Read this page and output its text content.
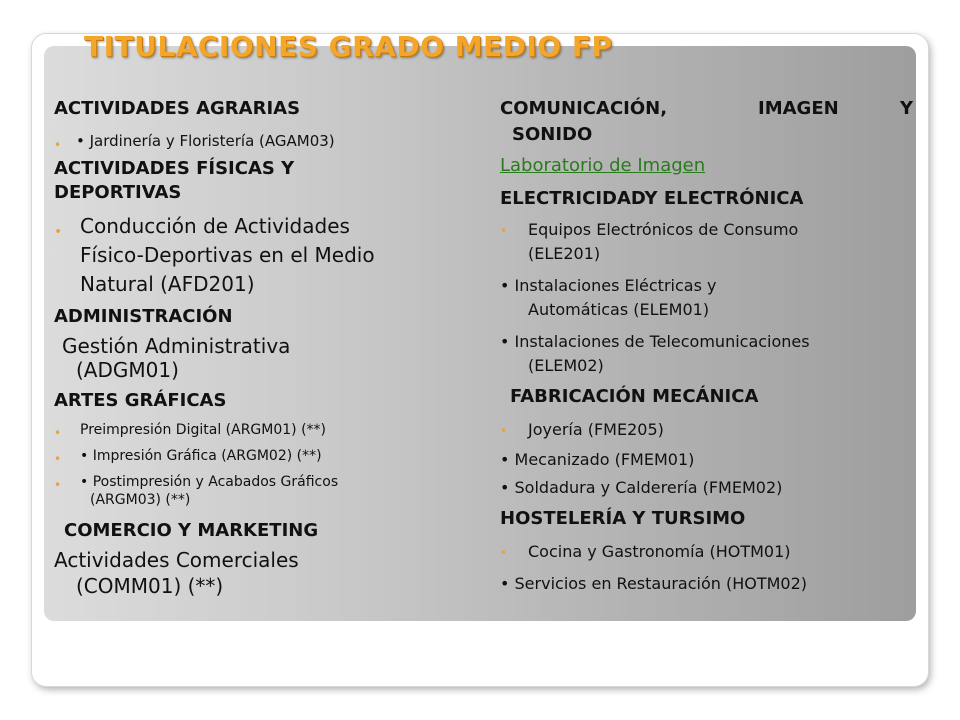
TITULACIONES GRADO MEDIO FP
ACTIVIDADES AGRARIAS
• • Jardinería y Floristería (AGAM03)
ACTIVIDADES FÍSICAS Y
DEPORTIVAS
• Conducción de Actividades
Físico-Deportivas en el Medio
Natural (AFD201)
ADMINISTRACIÓN
Gestión Administrativa
(ADGM01)
ARTES GRÁFICAS
• Preimpresión Digital (ARGM01) (**)
• • Impresión Gráfica (ARGM02) (**)
• • Postimpresión y Acabados Gráficos
(ARGM03) (**)
COMERCIO Y MARKETING
Actividades Comerciales
(COMM01) (**)
COMUNICACIÓN,	IMAGEN	Y
SONIDO
Laboratorio de Imagen
ELECTRICIDADY ELECTRÓNICA
• Equipos Electrónicos de Consumo
(ELE201)
• Instalaciones Eléctricas y
Automáticas (ELEM01)
• Instalaciones de Telecomunicaciones
(ELEM02)
FABRICACIÓN MECÁNICA
• Joyería (FME205)
• Mecanizado (FMEM01)
• Soldadura y Calderería (FMEM02)
HOSTELERÍA Y TURSIMO
• Cocina y Gastronomía (HOTM01)
• Servicios en Restauración (HOTM02)
